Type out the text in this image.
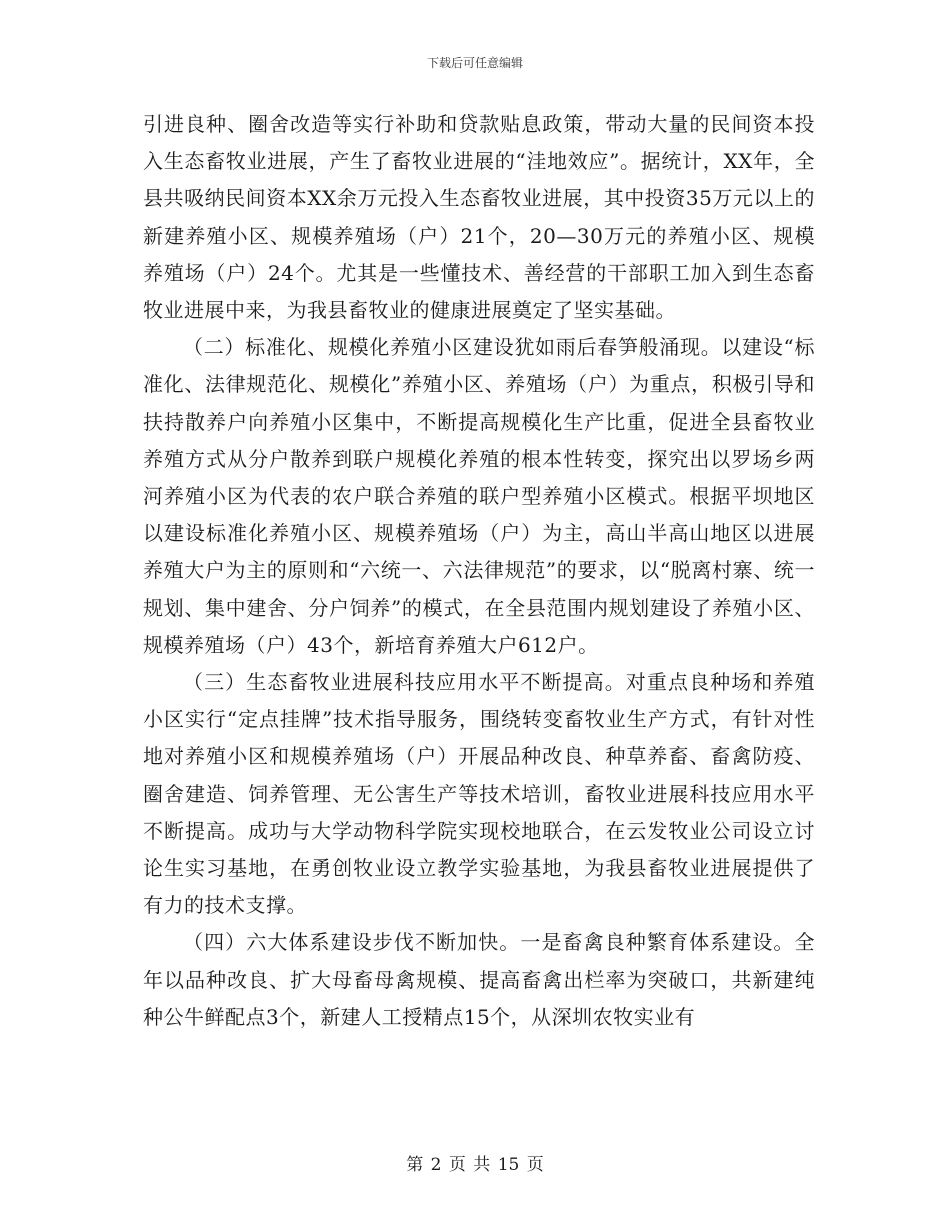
下载后可任意编辑

引进良种、圈舍改造等实行补助和贷款贴息政策，带动大量的民间资本投入生态畜牧业进展，产生了畜牧业进展的“洼地效应”。据统计，XX年，全县共吸纳民间资本XX余万元投入生态畜牧业进展，其中投资35万元以上的新建养殖小区、规模养殖场（户）21个，20—30万元的养殖小区、规模养殖场（户）24个。尤其是一些懂技术、善经营的干部职工加入到生态畜牧业进展中来，为我县畜牧业的健康进展奠定了坚实基础。

（二）标准化、规模化养殖小区建设犹如雨后春笋般涌现。以建设“标准化、法律规范化、规模化”养殖小区、养殖场（户）为重点，积极引导和扶持散养户向养殖小区集中，不断提高规模化生产比重，促进全县畜牧业养殖方式从分户散养到联户规模化养殖的根本性转变，探究出以罗场乡两河养殖小区为代表的农户联合养殖的联户型养殖小区模式。根据平坝地区以建设标准化养殖小区、规模养殖场（户）为主，高山半高山地区以进展养殖大户为主的原则和“六统一、六法律规范”的要求，以“脱离村寨、统一规划、集中建舍、分户饲养”的模式，在全县范围内规划建设了养殖小区、规模养殖场（户）43个，新培育养殖大户612户。

（三）生态畜牧业进展科技应用水平不断提高。对重点良种场和养殖小区实行“定点挂牌”技术指导服务，围绕转变畜牧业生产方式，有针对性地对养殖小区和规模养殖场（户）开展品种改良、种草养畜、畜禽防疫、圈舍建造、饲养管理、无公害生产等技术培训，畜牧业进展科技应用水平不断提高。成功与大学动物科学院实现校地联合，在云发牧业公司设立讨论生实习基地，在勇创牧业设立教学实验基地，为我县畜牧业进展提供了有力的技术支撑。

（四）六大体系建设步伐不断加快。一是畜禽良种繁育体系建设。全年以品种改良、扩大母畜母禽规模、提高畜禽出栏率为突破口，共新建纯种公牛鲜配点3个，新建人工授精点15个，从深圳农牧实业有

第 2 页 共 15 页
